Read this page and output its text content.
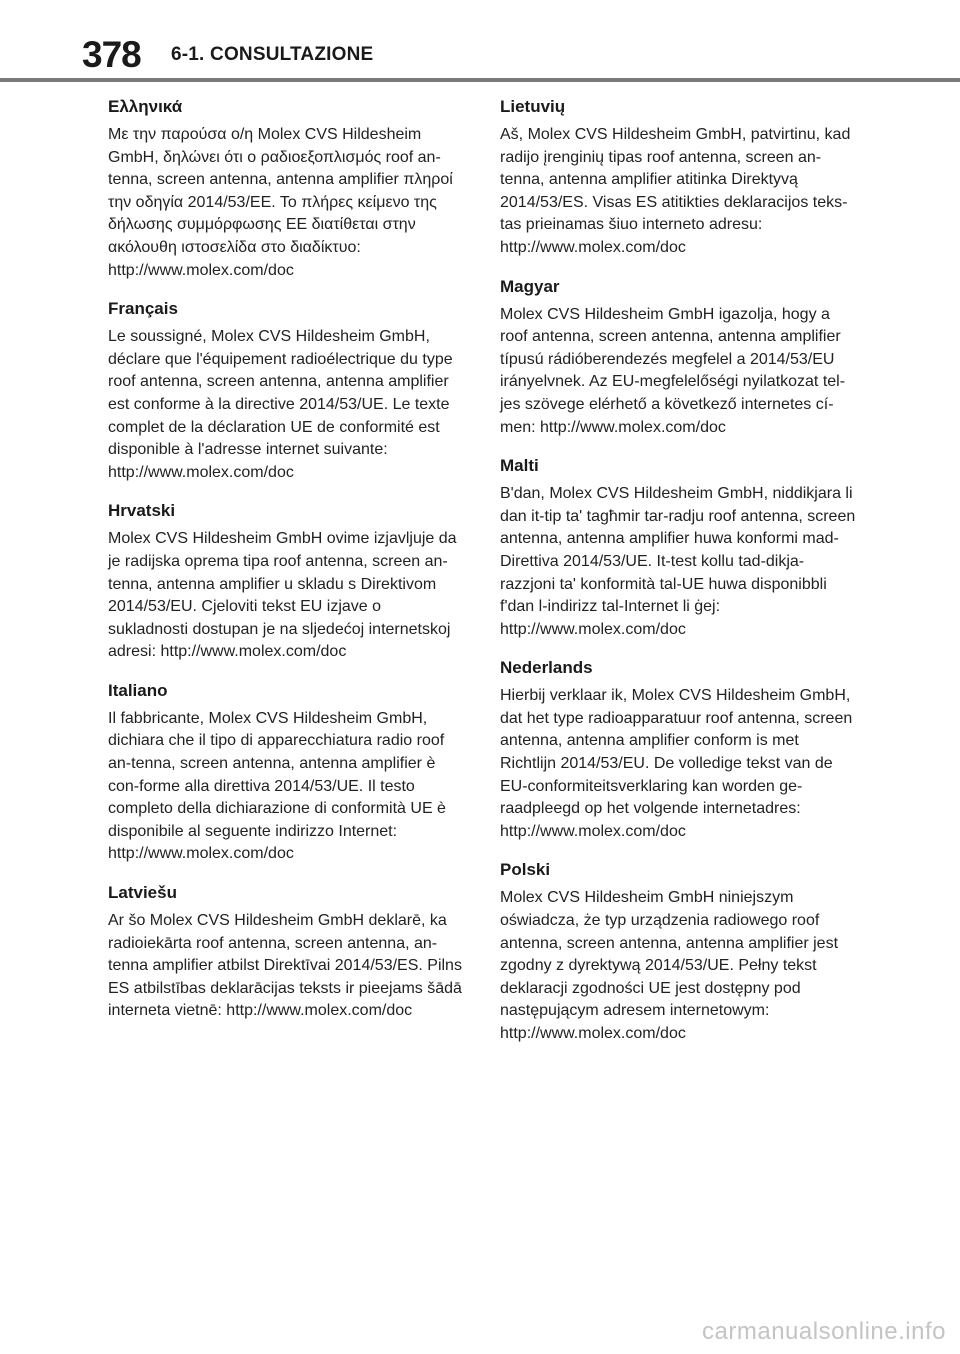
378 6-1. CONSULTAZIONE
Ελληνικά

Με την παρούσα ο/η Molex CVS Hildesheim GmbH, δηλώνει ότι ο ραδιοεξοπλισμός roof an-tenna, screen antenna, antenna amplifier πληροί την οδηγία 2014/53/ΕΕ. Το πλήρες κείμενο της δήλωσης συμμόρφωσης ΕΕ διατίθεται στην ακόλουθη ιστοσελίδα στο διαδίκτυο: http://www.molex.com/doc

Français

Le soussigné, Molex CVS Hildesheim GmbH, déclare que l'équipement radioélectrique du type roof antenna, screen antenna, antenna amplifier est conforme à la directive 2014/53/UE. Le texte complet de la déclaration UE de conformité est disponible à l'adresse internet suivante: http://www.molex.com/doc

Hrvatski

Molex CVS Hildesheim GmbH ovime izjavljuje da je radijska oprema tipa roof antenna, screen an-tenna, antenna amplifier u skladu s Direktivom 2014/53/EU. Cjeloviti tekst EU izjave o sukladnosti dostupan je na sljedećoj internetskoj adresi: http://www.molex.com/doc

Italiano

Il fabbricante, Molex CVS Hildesheim GmbH, dichiara che il tipo di apparecchiatura radio roof an-tenna, screen antenna, antenna amplifier è con-forme alla direttiva 2014/53/UE. Il testo completo della dichiarazione di conformità UE è disponibile al seguente indirizzo Internet: http://www.molex.com/doc

Latviešu

Ar šo Molex CVS Hildesheim GmbH deklarē, ka radioiekārta roof antenna, screen antenna, an-tenna amplifier atbilst Direktīvai 2014/53/ES. Pilns ES atbilstības deklarācijas teksts ir pieejams šādā interneta vietnē: http://www.molex.com/doc

Lietuvių

Aš, Molex CVS Hildesheim GmbH, patvirtinu, kad radijo įrenginių tipas roof antenna, screen an-tenna, antenna amplifier atitinka Direktyvą 2014/53/ES. Visas ES atitikties deklaracijos teks-tas prieinamas šiuo interneto adresu: http://www.molex.com/doc

Magyar

Molex CVS Hildesheim GmbH igazolja, hogy a roof antenna, screen antenna, antenna amplifier típusú rádióberendezés megfelel a 2014/53/EU irányelvnek. Az EU-megfelelőségi nyilatkozat tel-jes szövege elérhető a következő internetes cí-men: http://www.molex.com/doc

Malti

B'dan, Molex CVS Hildesheim GmbH, niddikjara li dan it-tip ta' tagħmir tar-radju roof antenna, screen antenna, antenna amplifier huwa konformi mad-Direttiva 2014/53/UE. It-test kollu tad-dikja-razzjoni ta' konformità tal-UE huwa disponibbli f'dan l-indirizz tal-Internet li ġej: http://www.molex.com/doc

Nederlands

Hierbij verklaar ik, Molex CVS Hildesheim GmbH, dat het type radioapparatuur roof antenna, screen antenna, antenna amplifier conform is met Richtlijn 2014/53/EU. De volledige tekst van de EU-conformiteitsverklaring kan worden ge-raadpleegd op het volgende internetadres: http://www.molex.com/doc

Polski

Molex CVS Hildesheim GmbH niniejszym oświadcza, że typ urządzenia radiowego roof antenna, screen antenna, antenna amplifier jest zgodny z dyrektywą 2014/53/UE. Pełny tekst deklaracji zgodności UE jest dostępny pod następującym adresem internetowym: http://www.molex.com/doc

carmanualsonline.info
